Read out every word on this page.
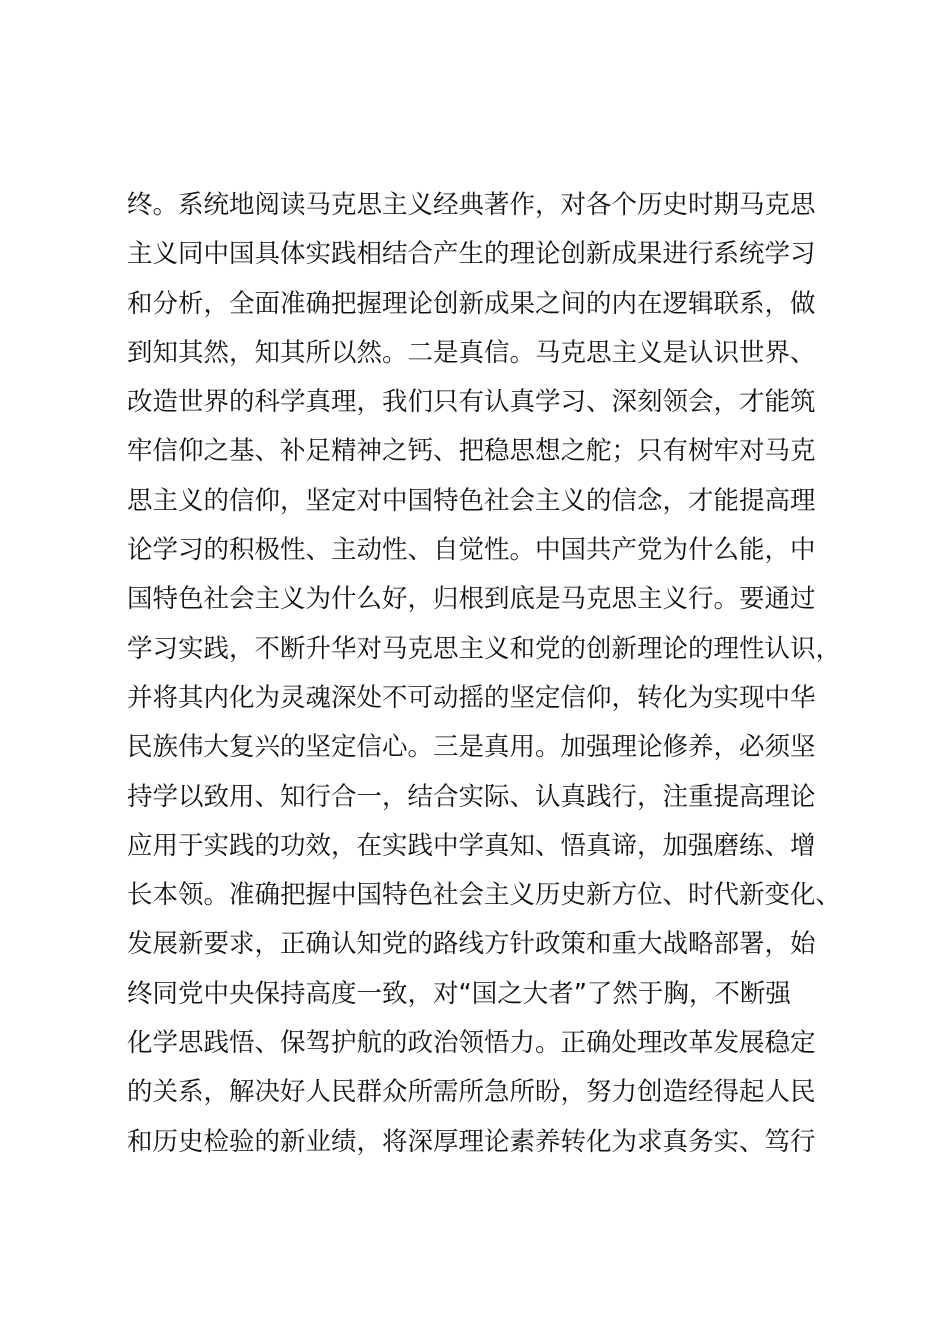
终。系统地阅读马克思主义经典著作，对各个历史时期马克思
主义同中国具体实践相结合产生的理论创新成果进行系统学习
和分析，全面准确把握理论创新成果之间的内在逻辑联系，做
到知其然，知其所以然。二是真信。马克思主义是认识世界、
改造世界的科学真理，我们只有认真学习、深刻领会，才能筑
牢信仰之基、补足精神之钙、把稳思想之舵；只有树牢对马克
思主义的信仰，坚定对中国特色社会主义的信念，才能提高理
论学习的积极性、主动性、自觉性。中国共产党为什么能，中
国特色社会主义为什么好，归根到底是马克思主义行。要通过
学习实践，不断升华对马克思主义和党的创新理论的理性认识，
并将其内化为灵魂深处不可动摇的坚定信仰，转化为实现中华
民族伟大复兴的坚定信心。三是真用。加强理论修养，必须坚
持学以致用、知行合一，结合实际、认真践行，注重提高理论
应用于实践的功效，在实践中学真知、悟真谛，加强磨练、增
长本领。准确把握中国特色社会主义历史新方位、时代新变化、
发展新要求，正确认知党的路线方针政策和重大战略部署，始
终同党中央保持高度一致，对“国之大者”了然于胸，不断强
化学思践悟、保驾护航的政治领悟力。正确处理改革发展稳定
的关系，解决好人民群众所需所急所盼，努力创造经得起人民
和历史检验的新业绩，将深厚理论素养转化为求真务实、笃行
